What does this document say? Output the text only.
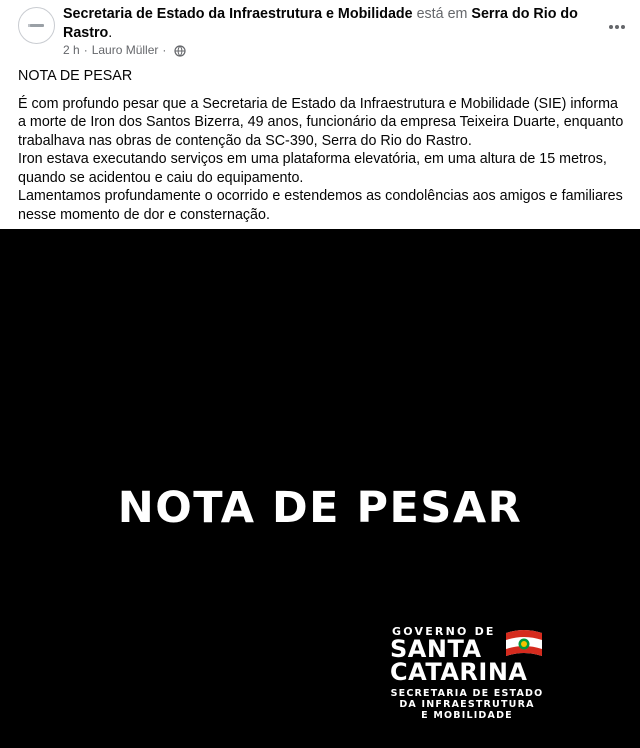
Secretaria de Estado da Infraestrutura e Mobilidade está em Serra do Rio do Rastro.
2 h · Lauro Müller ·

NOTA DE PESAR

É com profundo pesar que a Secretaria de Estado da Infraestrutura e Mobilidade (SIE) informa a morte de Iron dos Santos Bizerra, 49 anos, funcionário da empresa Teixeira Duarte, enquanto trabalhava nas obras de contenção da SC-390, Serra do Rio do Rastro.

Iron estava executando serviços em uma plataforma elevatória, em uma altura de 15 metros, quando se acidentou e caiu do equipamento.

Lamentamos profundamente o ocorrido e estendemos as condolências aos amigos e familiares nesse momento de dor e consternação.

NOTA DE PESAR
GOVERNO DE
SANTA
CATARINA
SECRETARIA DE ESTADO
DA INFRAESTRUTURA
E MOBILIDADE
